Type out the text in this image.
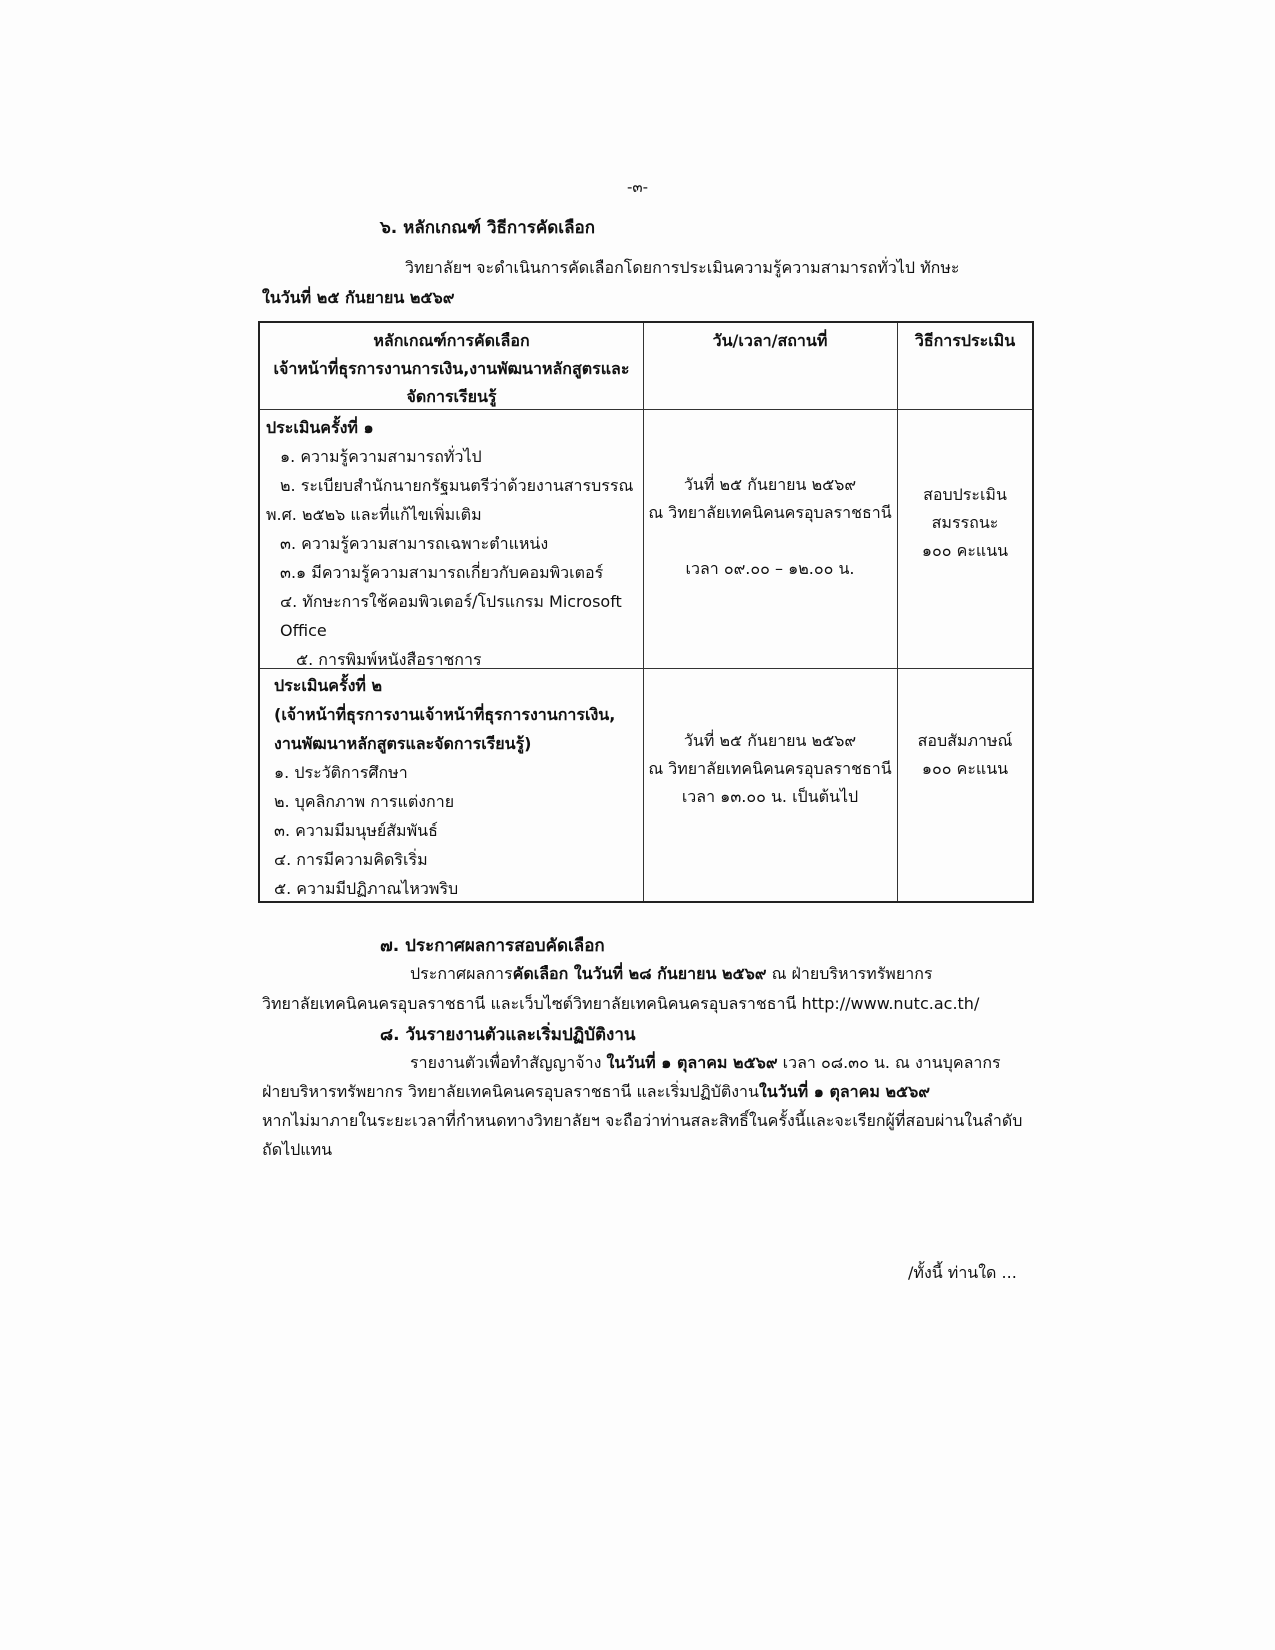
-๓-
๖. หลักเกณฑ์ วิธีการคัดเลือก
วิทยาลัยฯ จะดำเนินการคัดเลือกโดยการประเมินความรู้ความสามารถทั่วไป ทักษะ
ในวันที่ ๒๕ กันยายน ๒๕๖๙
หลักเกณฑ์การคัดเลือก
เจ้าหน้าที่ธุรการงานการเงิน,งานพัฒนาหลักสูตรและ
จัดการเรียนรู้
วัน/เวลา/สถานที่	วิธีการประเมิน
ประเมินครั้งที่ ๑
๑. ความรู้ความสามารถทั่วไป
๒. ระเบียบสำนักนายกรัฐมนตรีว่าด้วยงานสารบรรณ
พ.ศ. ๒๕๒๖ และที่แก้ไขเพิ่มเติม
๓. ความรู้ความสามารถเฉพาะตำแหน่ง
๓.๑ มีความรู้ความสามารถเกี่ยวกับคอมพิวเตอร์
๔. ทักษะการใช้คอมพิวเตอร์/โปรแกรม Microsoft
Office
๕. การพิมพ์หนังสือราชการ
วันที่ ๒๕ กันยายน ๒๕๖๙
ณ วิทยาลัยเทคนิคนครอุบลราชธานี
เวลา ๐๙.๐๐ – ๑๒.๐๐ น.
สอบประเมิน
สมรรถนะ
๑๐๐ คะแนน
ประเมินครั้งที่ ๒
(เจ้าหน้าที่ธุรการงานเจ้าหน้าที่ธุรการงานการเงิน,
งานพัฒนาหลักสูตรและจัดการเรียนรู้)
๑. ประวัติการศึกษา
๒. บุคลิกภาพ การแต่งกาย
๓. ความมีมนุษย์สัมพันธ์
๔. การมีความคิดริเริ่ม
๕. ความมีปฏิภาณไหวพริบ
วันที่ ๒๕ กันยายน ๒๕๖๙
ณ วิทยาลัยเทคนิคนครอุบลราชธานี
เวลา ๑๓.๐๐ น. เป็นต้นไป
สอบสัมภาษณ์
๑๐๐ คะแนน
๗. ประกาศผลการสอบคัดเลือก
ประกาศผลการคัดเลือก ในวันที่ ๒๘ กันยายน ๒๕๖๙ ณ ฝ่ายบริหารทรัพยากร
วิทยาลัยเทคนิคนครอุบลราชธานี และเว็บไซต์วิทยาลัยเทคนิคนครอุบลราชธานี http://www.nutc.ac.th/
๘. วันรายงานตัวและเริ่มปฏิบัติงาน
รายงานตัวเพื่อทำสัญญาจ้าง ในวันที่ ๑ ตุลาคม ๒๕๖๙ เวลา ๐๘.๓๐ น. ณ งานบุคลากร
ฝ่ายบริหารทรัพยากร วิทยาลัยเทคนิคนครอุบลราชธานี และเริ่มปฏิบัติงานในวันที่ ๑ ตุลาคม ๒๕๖๙
หากไม่มาภายในระยะเวลาที่กำหนดทางวิทยาลัยฯ จะถือว่าท่านสละสิทธิ์ในครั้งนี้และจะเรียกผู้ที่สอบผ่านในลำดับ
ถัดไปแทน
/ทั้งนี้ ท่านใด ...
